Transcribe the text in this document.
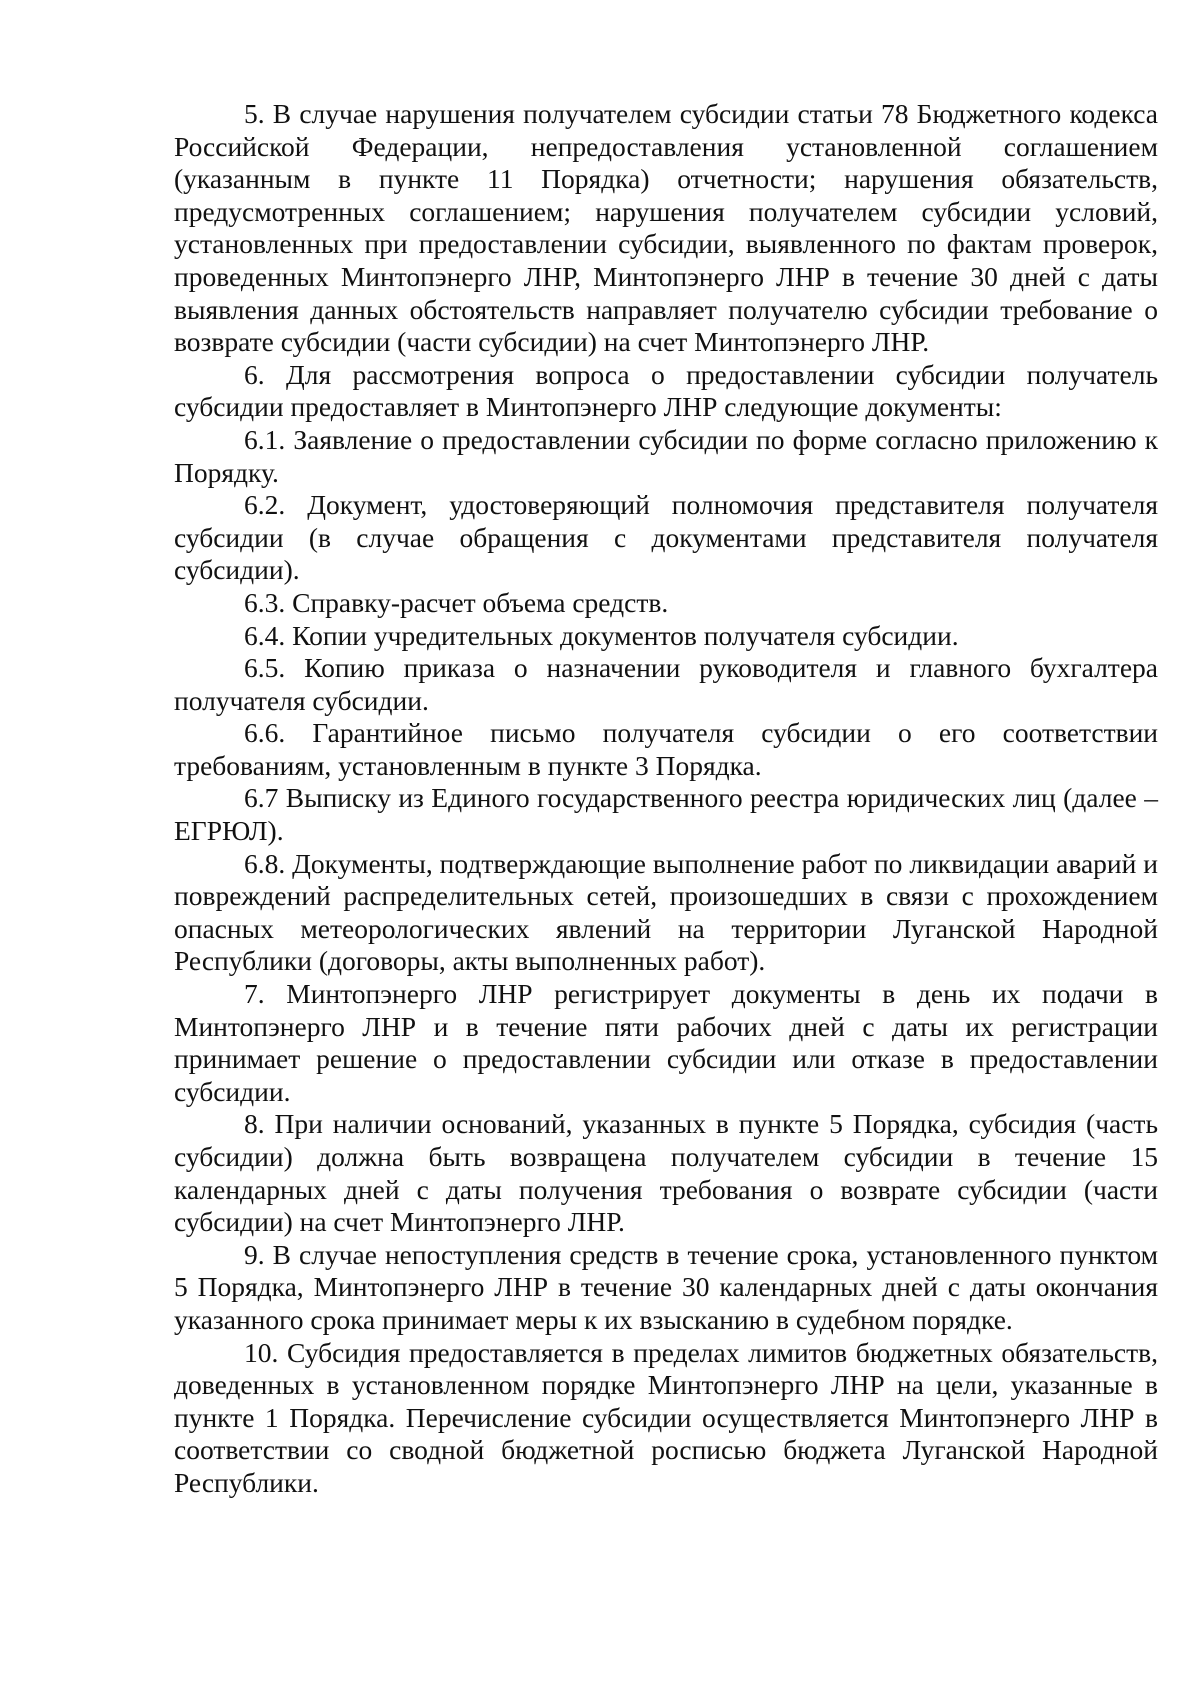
5. В случае нарушения получателем субсидии статьи 78 Бюджетного кодекса Российской Федерации, непредоставления установленной соглашением (указанным в пункте 11 Порядка) отчетности; нарушения обязательств, предусмотренных соглашением; нарушения получателем субсидии условий, установленных при предоставлении субсидии, выявленного по фактам проверок, проведенных Минтопэнерго ЛНР, Минтопэнерго ЛНР в течение 30 дней с даты выявления данных обстоятельств направляет получателю субсидии требование о возврате субсидии (части субсидии) на счет Минтопэнерго ЛНР.

6. Для рассмотрения вопроса о предоставлении субсидии получатель субсидии предоставляет в Минтопэнерго ЛНР следующие документы:

6.1. Заявление о предоставлении субсидии по форме согласно приложению к Порядку.

6.2. Документ, удостоверяющий полномочия представителя получателя субсидии (в случае обращения с документами представителя получателя субсидии).

6.3. Справку-расчет объема средств.

6.4. Копии учредительных документов получателя субсидии.

6.5. Копию приказа о назначении руководителя и главного бухгалтера получателя субсидии.

6.6. Гарантийное письмо получателя субсидии о его соответствии требованиям, установленным в пункте 3 Порядка.

6.7 Выписку из Единого государственного реестра юридических лиц (далее – ЕГРЮЛ).

6.8. Документы, подтверждающие выполнение работ по ликвидации аварий и повреждений распределительных сетей, произошедших в связи с прохождением опасных метеорологических явлений на территории Луганской Народной Республики (договоры, акты выполненных работ).

7. Минтопэнерго ЛНР регистрирует документы в день их подачи в Минтопэнерго ЛНР и в течение пяти рабочих дней с даты их регистрации принимает решение о предоставлении субсидии или отказе в предоставлении субсидии.

8. При наличии оснований, указанных в пункте 5 Порядка, субсидия (часть субсидии) должна быть возвращена получателем субсидии в течение 15 календарных дней с даты получения требования о возврате субсидии (части субсидии) на счет Минтопэнерго ЛНР.

9. В случае непоступления средств в течение срока, установленного пунктом 5 Порядка, Минтопэнерго ЛНР в течение 30 календарных дней с даты окончания указанного срока принимает меры к их взысканию в судебном порядке.

10. Субсидия предоставляется в пределах лимитов бюджетных обязательств, доведенных в установленном порядке Минтопэнерго ЛНР на цели, указанные в пункте 1 Порядка. Перечисление субсидии осуществляется Минтопэнерго ЛНР в соответствии со сводной бюджетной росписью бюджета Луганской Народной Республики.
